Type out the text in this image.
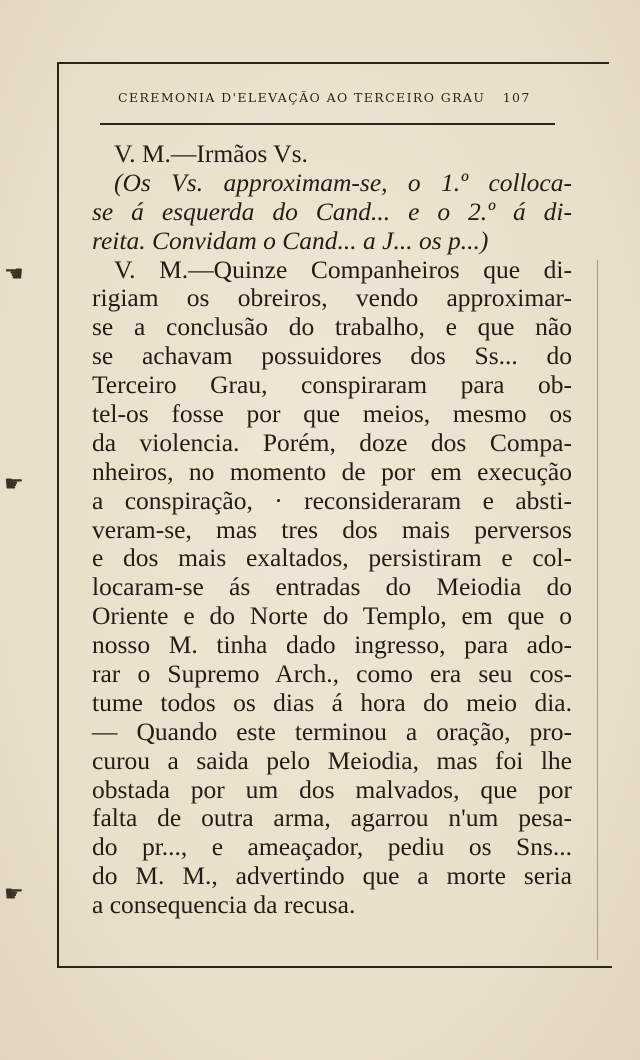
CEREMONIA D'ELEVAÇÃO AO TERCEIRO GRAU 107
☚
☛
☛
V. M.—Irmãos Vs.
(Os Vs. approximam-se, o 1.º colloca-
se á esquerda do Cand... e o 2.º á di-
reita. Convidam o Cand... a J... os p...)
V. M.—Quinze Companheiros que di-
rigiam os obreiros, vendo approximar-
se a conclusão do trabalho, e que não
se achavam possuidores dos Ss... do
Terceiro Grau, conspiraram para ob-
tel-os fosse por que meios, mesmo os
da violencia. Porém, doze dos Compa-
nheiros, no momento de por em execução
a conspiração, · reconsideraram e absti-
veram-se, mas tres dos mais perversos
e dos mais exaltados, persistiram e col-
locaram-se ás entradas do Meiodia do
Oriente e do Norte do Templo, em que o
nosso M. tinha dado ingresso, para ado-
rar o Supremo Arch., como era seu cos-
tume todos os dias á hora do meio dia.
— Quando este terminou a oração, pro-
curou a saida pelo Meiodia, mas foi lhe
obstada por um dos malvados, que por
falta de outra arma, agarrou n'um pesa-
do pr..., e ameaçador, pediu os Sns...
do M. M., advertindo que a morte seria
a consequencia da recusa.
